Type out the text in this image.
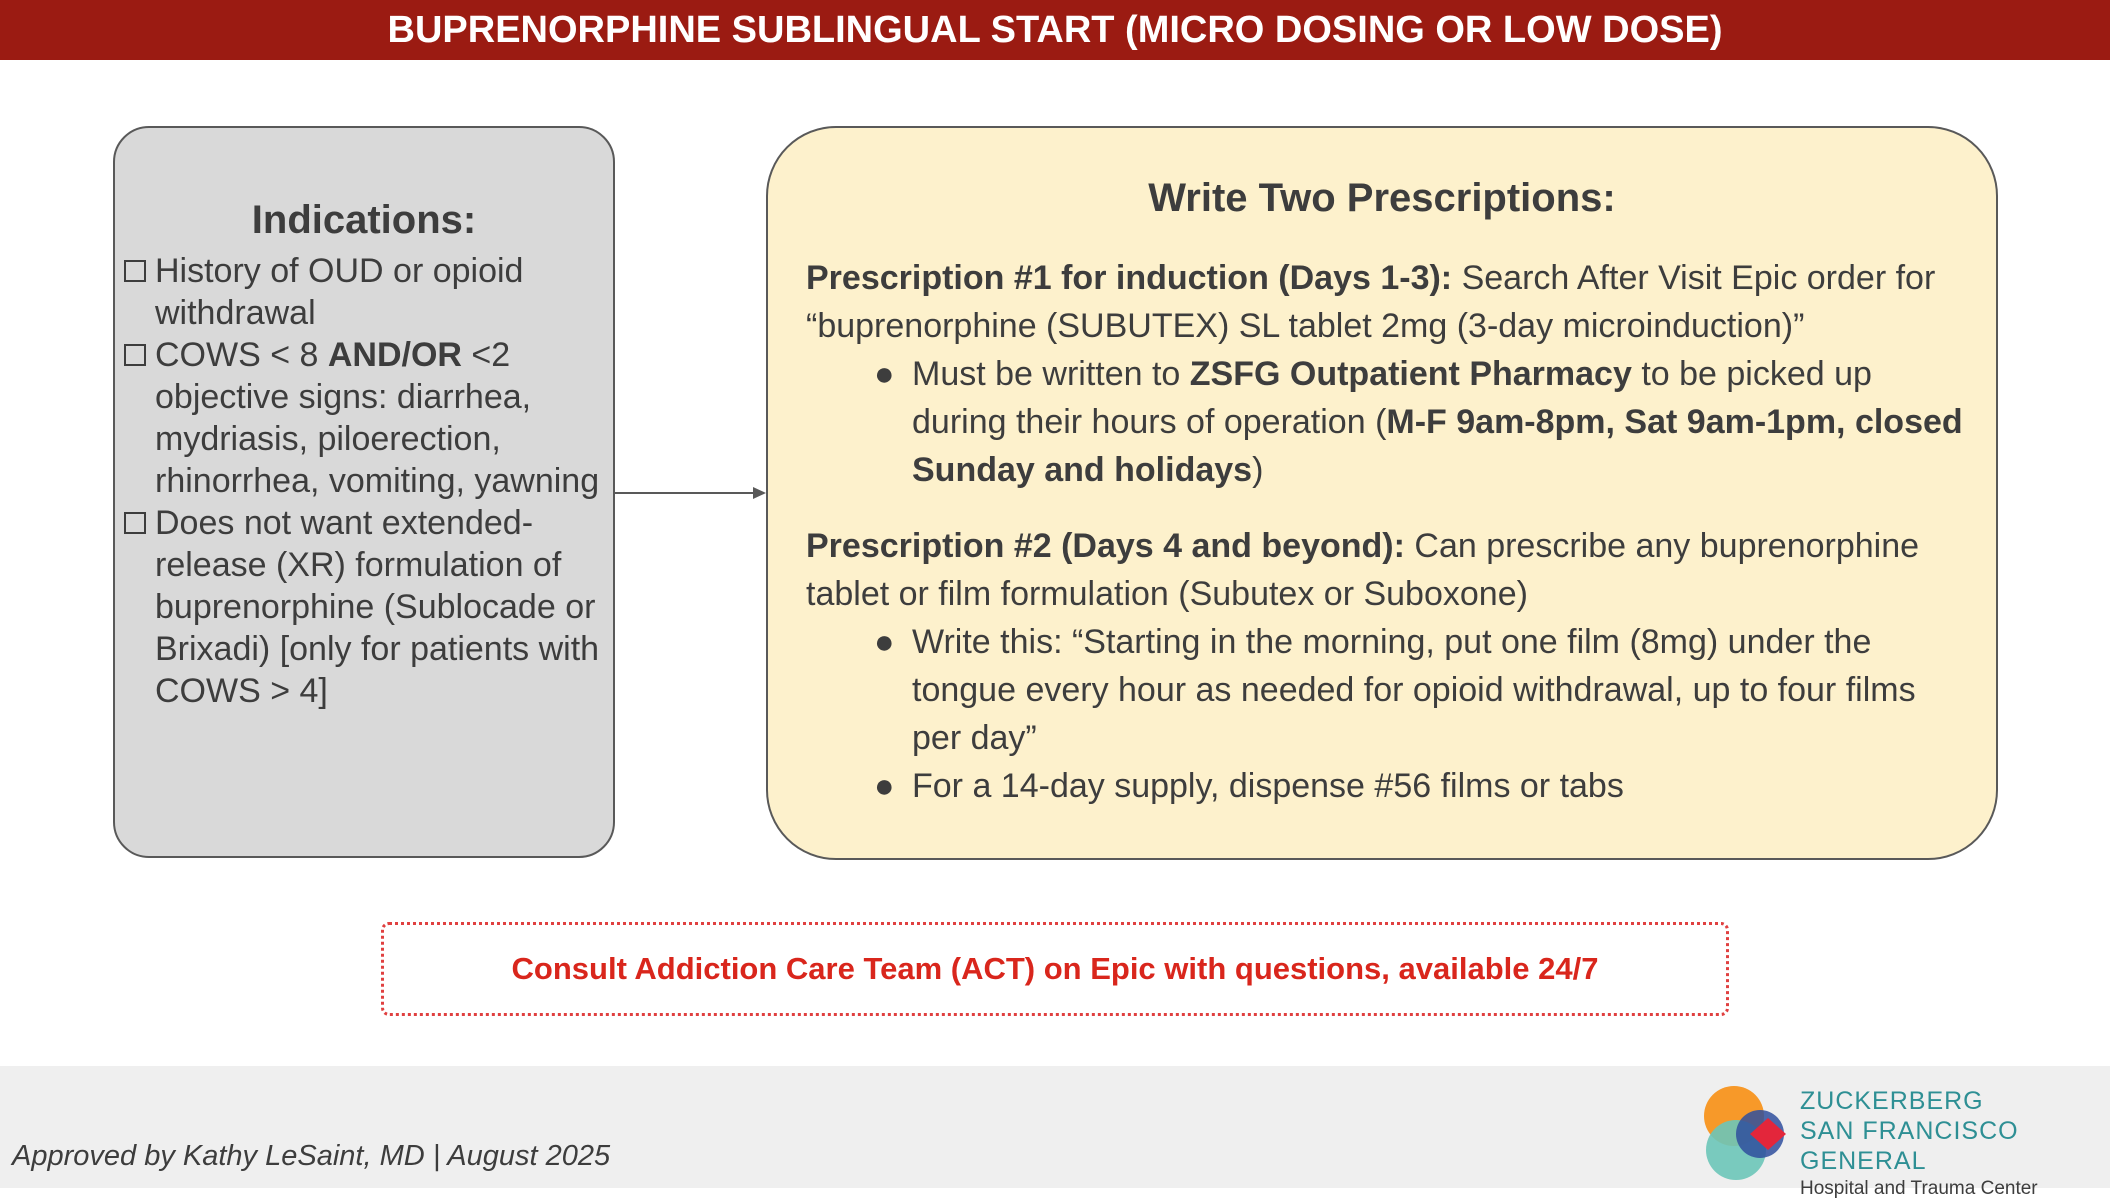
BUPRENORPHINE SUBLINGUAL START (MICRO DOSING OR LOW DOSE)
Indications:
History of OUD or opioid withdrawal
COWS < 8 AND/OR <2 objective signs: diarrhea, mydriasis, piloerection, rhinorrhea, vomiting, yawning
Does not want extended-release (XR) formulation of buprenorphine (Sublocade or Brixadi) [only for patients with COWS > 4]
Write Two Prescriptions:
Prescription #1 for induction (Days 1-3): Search After Visit Epic order for “buprenorphine (SUBUTEX) SL tablet 2mg (3-day microinduction)”
● Must be written to ZSFG Outpatient Pharmacy to be picked up during their hours of operation (M-F 9am-8pm, Sat 9am-1pm, closed Sunday and holidays)
Prescription #2 (Days 4 and beyond): Can prescribe any buprenorphine tablet or film formulation (Subutex or Suboxone)
● Write this: “Starting in the morning, put one film (8mg) under the tongue every hour as needed for opioid withdrawal, up to four films per day”
● For a 14-day supply, dispense #56 films or tabs
Consult Addiction Care Team (ACT) on Epic with questions, available 24/7
Approved by Kathy LeSaint, MD | August 2025
ZUCKERBERG
SAN FRANCISCO GENERAL
Hospital and Trauma Center
